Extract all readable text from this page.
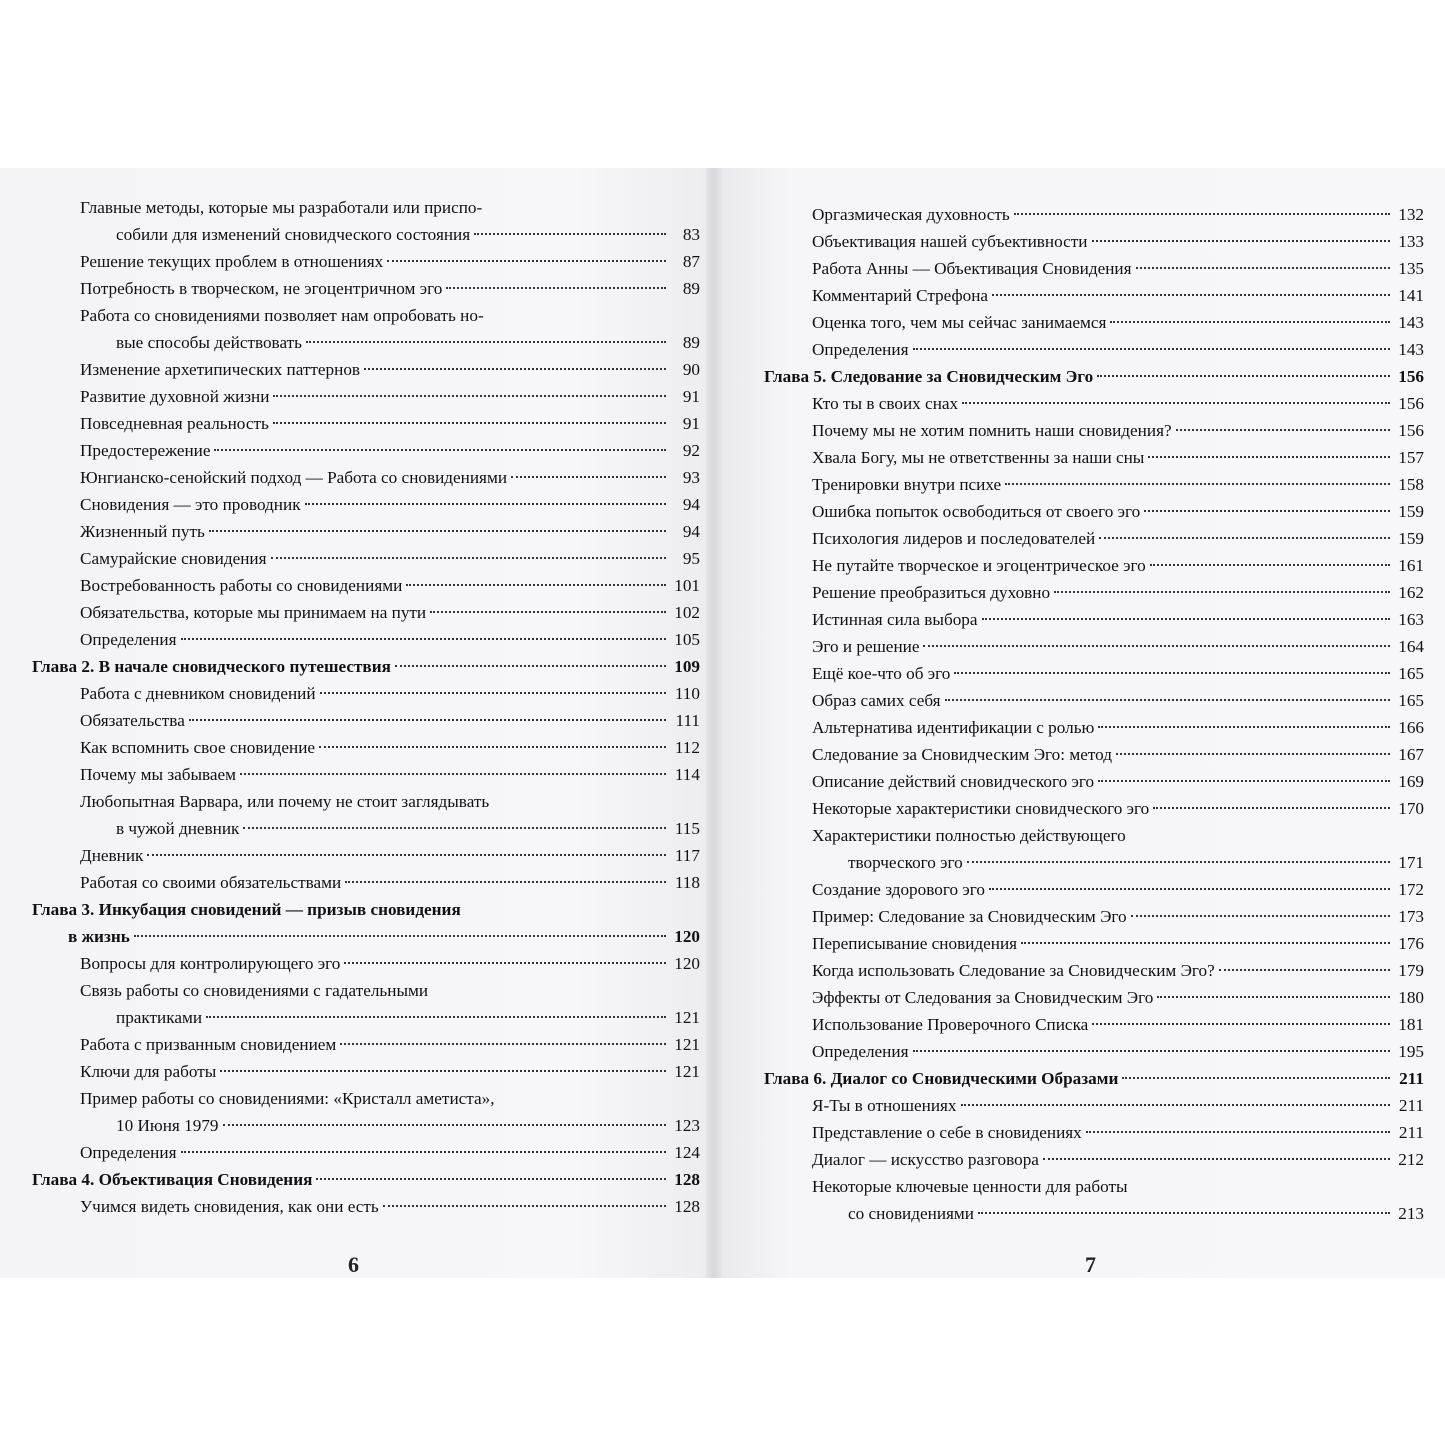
Главные методы, которые мы разработали или приспо-
собили для изменений сновидческого состояния	83
Решение текущих проблем в отношениях	87
Потребность в творческом, не эгоцентричном эго	89
Работа со сновидениями позволяет нам опробовать но-
вые способы действовать	89
Изменение архетипических паттернов	90
Развитие духовной жизни	91
Повседневная реальность	91
Предостережение	92
Юнгианско-сенойский подход — Работа со сновидениями	93
Сновидения — это проводник	94
Жизненный путь	94
Самурайские сновидения	95
Востребованность работы со сновидениями	101
Обязательства, которые мы принимаем на пути	102
Определения	105
Глава 2. В начале сновидческого путешествия	109
Работа с дневником сновидений	110
Обязательства	111
Как вспомнить свое сновидение	112
Почему мы забываем	114
Любопытная Варвара, или почему не стоит заглядывать
в чужой дневник	115
Дневник	117
Работая со своими обязательствами	118
Глава 3. Инкубация сновидений — призыв сновидения
в жизнь	120
Вопросы для контролирующего эго	120
Связь работы со сновидениями с гадательными
практиками	121
Работа с призванным сновидением	121
Ключи для работы	121
Пример работы со сновидениями: «Кристалл аметиста»,
10 Июня 1979	123
Определения	124
Глава 4. Объективация Сновидения	128
Учимся видеть сновидения, как они есть	128
Оргазмическая духовность	132
Объективация нашей субъективности	133
Работа Анны — Объективация Сновидения	135
Комментарий Стрефона	141
Оценка того, чем мы сейчас занимаемся	143
Определения	143
Глава 5. Следование за Сновидческим Эго	156
Кто ты в своих снах	156
Почему мы не хотим помнить наши сновидения?	156
Хвала Богу, мы не ответственны за наши сны	157
Тренировки внутри психе	158
Ошибка попыток освободиться от своего эго	159
Психология лидеров и последователей	159
Не путайте творческое и эгоцентрическое эго	161
Решение преобразиться духовно	162
Истинная сила выбора	163
Эго и решение	164
Ещё кое-что об эго	165
Образ самих себя	165
Альтернатива идентификации с ролью	166
Следование за Сновидческим Эго: метод	167
Описание действий сновидческого эго	169
Некоторые характеристики сновидческого эго	170
Характеристики полностью действующего
творческого эго	171
Создание здорового эго	172
Пример: Следование за Сновидческим Эго	173
Переписывание сновидения	176
Когда использовать Следование за Сновидческим Эго?	179
Эффекты от Следования за Сновидческим Эго	180
Использование Проверочного Списка	181
Определения	195
Глава 6. Диалог со Сновидческими Образами	211
Я-Ты в отношениях	211
Представление о себе в сновидениях	211
Диалог — искусство разговора	212
Некоторые ключевые ценности для работы
со сновидениями	213
6	7
